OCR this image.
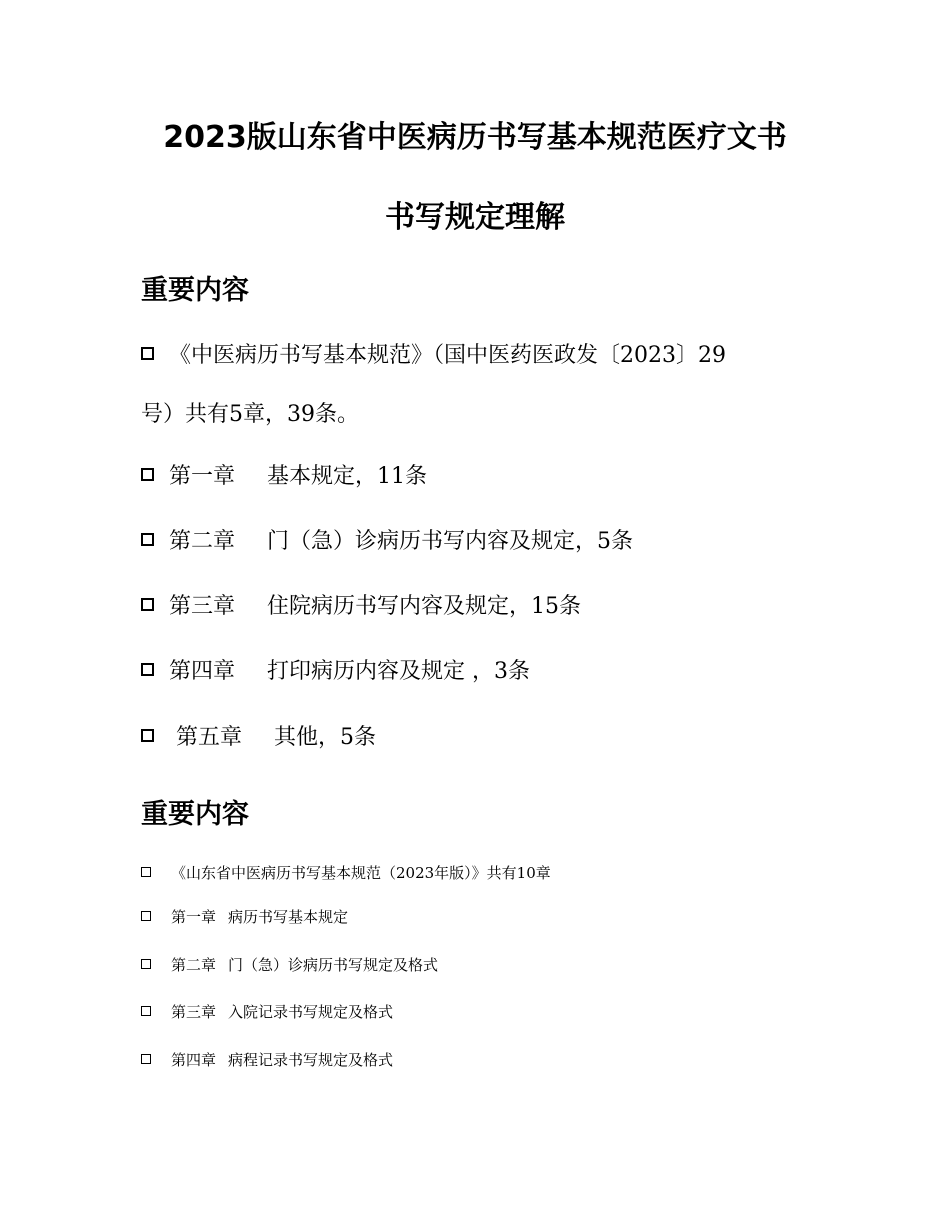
2023版山东省中医病历书写基本规范医疗文书
书写规定理解
重要内容
《中医病历书写基本规范》（国中医药医政发〔2023〕29
号）共有5章，39条。
第一章 基本规定，11条
第二章 门（急）诊病历书写内容及规定，5条
第三章 住院病历书写内容及规定，15条
第四章 打印病历内容及规定 ，3条
第五章 其他，5条
重要内容
《山东省中医病历书写基本规范（2023年版）》共有10章
第一章 病历书写基本规定
第二章 门（急）诊病历书写规定及格式
第三章 入院记录书写规定及格式
第四章 病程记录书写规定及格式
